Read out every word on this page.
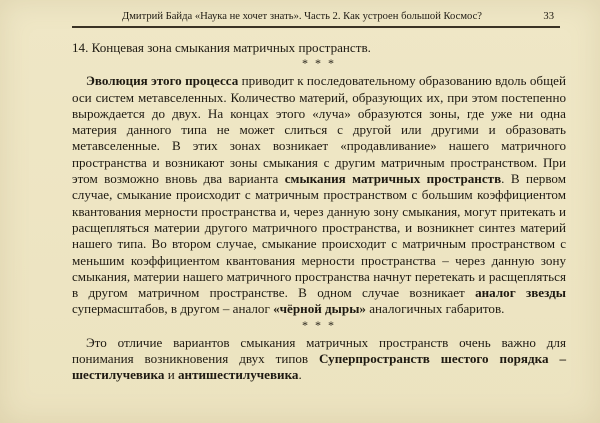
Дмитрий Байда «Наука не хочет знать». Часть 2. Как устроен большой Космос?	33

14. Концевая зона смыкания матричных пространств.

* * *

Эволюция этого процесса приводит к последовательному образованию вдоль общей оси систем метавселенных. Количество материй, образующих их, при этом постепенно вырождается до двух. На концах этого «луча» образуются зоны, где уже ни одна материя данного типа не может слиться с другой или другими и образовать метавселенные. В этих зонах возникает «продавливание» нашего матричного пространства и возникают зоны смыкания с другим матричным пространством. При этом возможно вновь два варианта смыкания матричных пространств. В первом случае, смыкание происходит с матричным пространством с большим коэффициентом квантования мерности пространства и, через данную зону смыкания, могут притекать и расщепляться материи другого матричного пространства, и возникнет синтез материй нашего типа. Во втором случае, смыкание происходит с матричным пространством с меньшим коэффициентом квантования мерности пространства – через данную зону смыкания, материи нашего матричного пространства начнут перетекать и расщепляться в другом матричном пространстве. В одном случае возникает аналог звезды супермасштабов, в другом – аналог «чёрной дыры» аналогичных габаритов.

* * *

Это отличие вариантов смыкания матричных пространств очень важно для понимания возникновения двух типов Суперпространств шестого порядка – шестилучевика и антишестилучевика.
